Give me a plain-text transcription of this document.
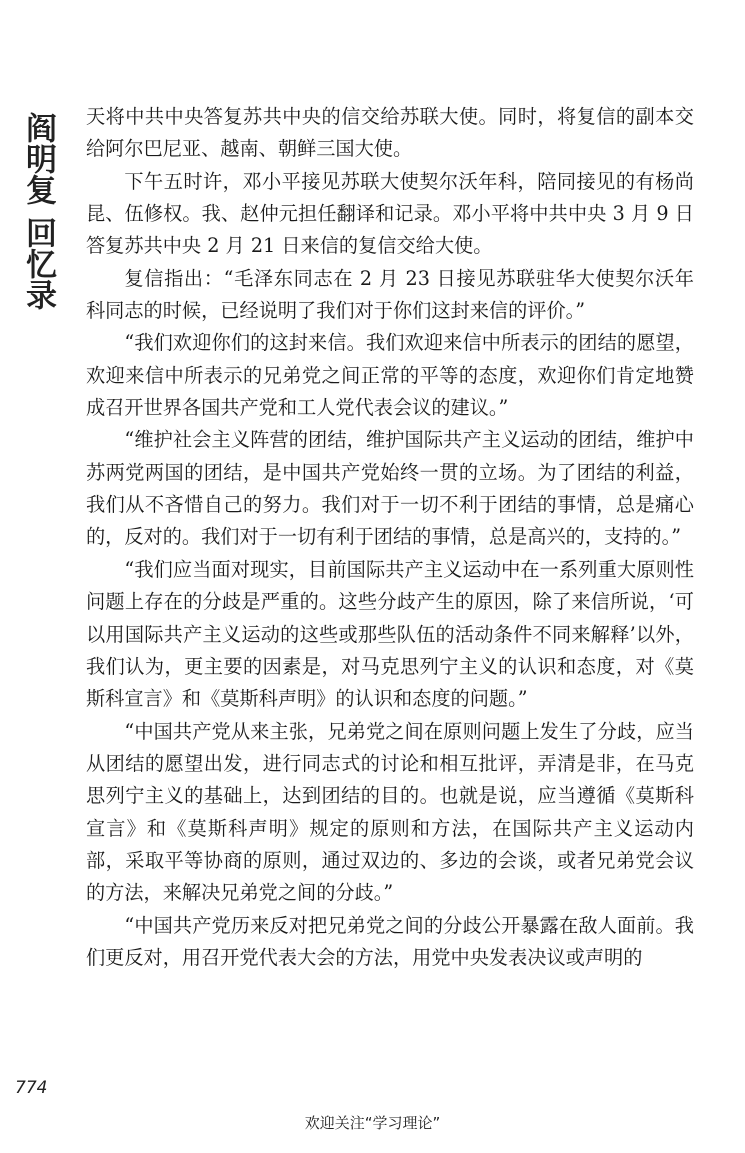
阎明复回忆录

天将中共中央答复苏共中央的信交给苏联大使。同时，将复信的副本交给阿尔巴尼亚、越南、朝鲜三国大使。

下午五时许，邓小平接见苏联大使契尔沃年科，陪同接见的有杨尚昆、伍修权。我、赵仲元担任翻译和记录。邓小平将中共中央 3 月 9 日答复苏共中央 2 月 21 日来信的复信交给大使。

复信指出：“毛泽东同志在 2 月 23 日接见苏联驻华大使契尔沃年科同志的时候，已经说明了我们对于你们这封来信的评价。”

“我们欢迎你们的这封来信。我们欢迎来信中所表示的团结的愿望，欢迎来信中所表示的兄弟党之间正常的平等的态度，欢迎你们肯定地赞成召开世界各国共产党和工人党代表会议的建议。”

“维护社会主义阵营的团结，维护国际共产主义运动的团结，维护中苏两党两国的团结，是中国共产党始终一贯的立场。为了团结的利益，我们从不吝惜自己的努力。我们对于一切不利于团结的事情，总是痛心的，反对的。我们对于一切有利于团结的事情，总是高兴的，支持的。”

“我们应当面对现实，目前国际共产主义运动中在一系列重大原则性问题上存在的分歧是严重的。这些分歧产生的原因，除了来信所说，‘可以用国际共产主义运动的这些或那些队伍的活动条件不同来解释’以外，我们认为，更主要的因素是，对马克思列宁主义的认识和态度，对《莫斯科宣言》和《莫斯科声明》的认识和态度的问题。”

“中国共产党从来主张，兄弟党之间在原则问题上发生了分歧，应当从团结的愿望出发，进行同志式的讨论和相互批评，弄清是非，在马克思列宁主义的基础上，达到团结的目的。也就是说，应当遵循《莫斯科宣言》和《莫斯科声明》规定的原则和方法，在国际共产主义运动内部，采取平等协商的原则，通过双边的、多边的会谈，或者兄弟党会议的方法，来解决兄弟党之间的分歧。”

“中国共产党历来反对把兄弟党之间的分歧公开暴露在敌人面前。我们更反对，用召开党代表大会的方法，用党中央发表决议或声明的

774
欢迎关注“学习理论”
